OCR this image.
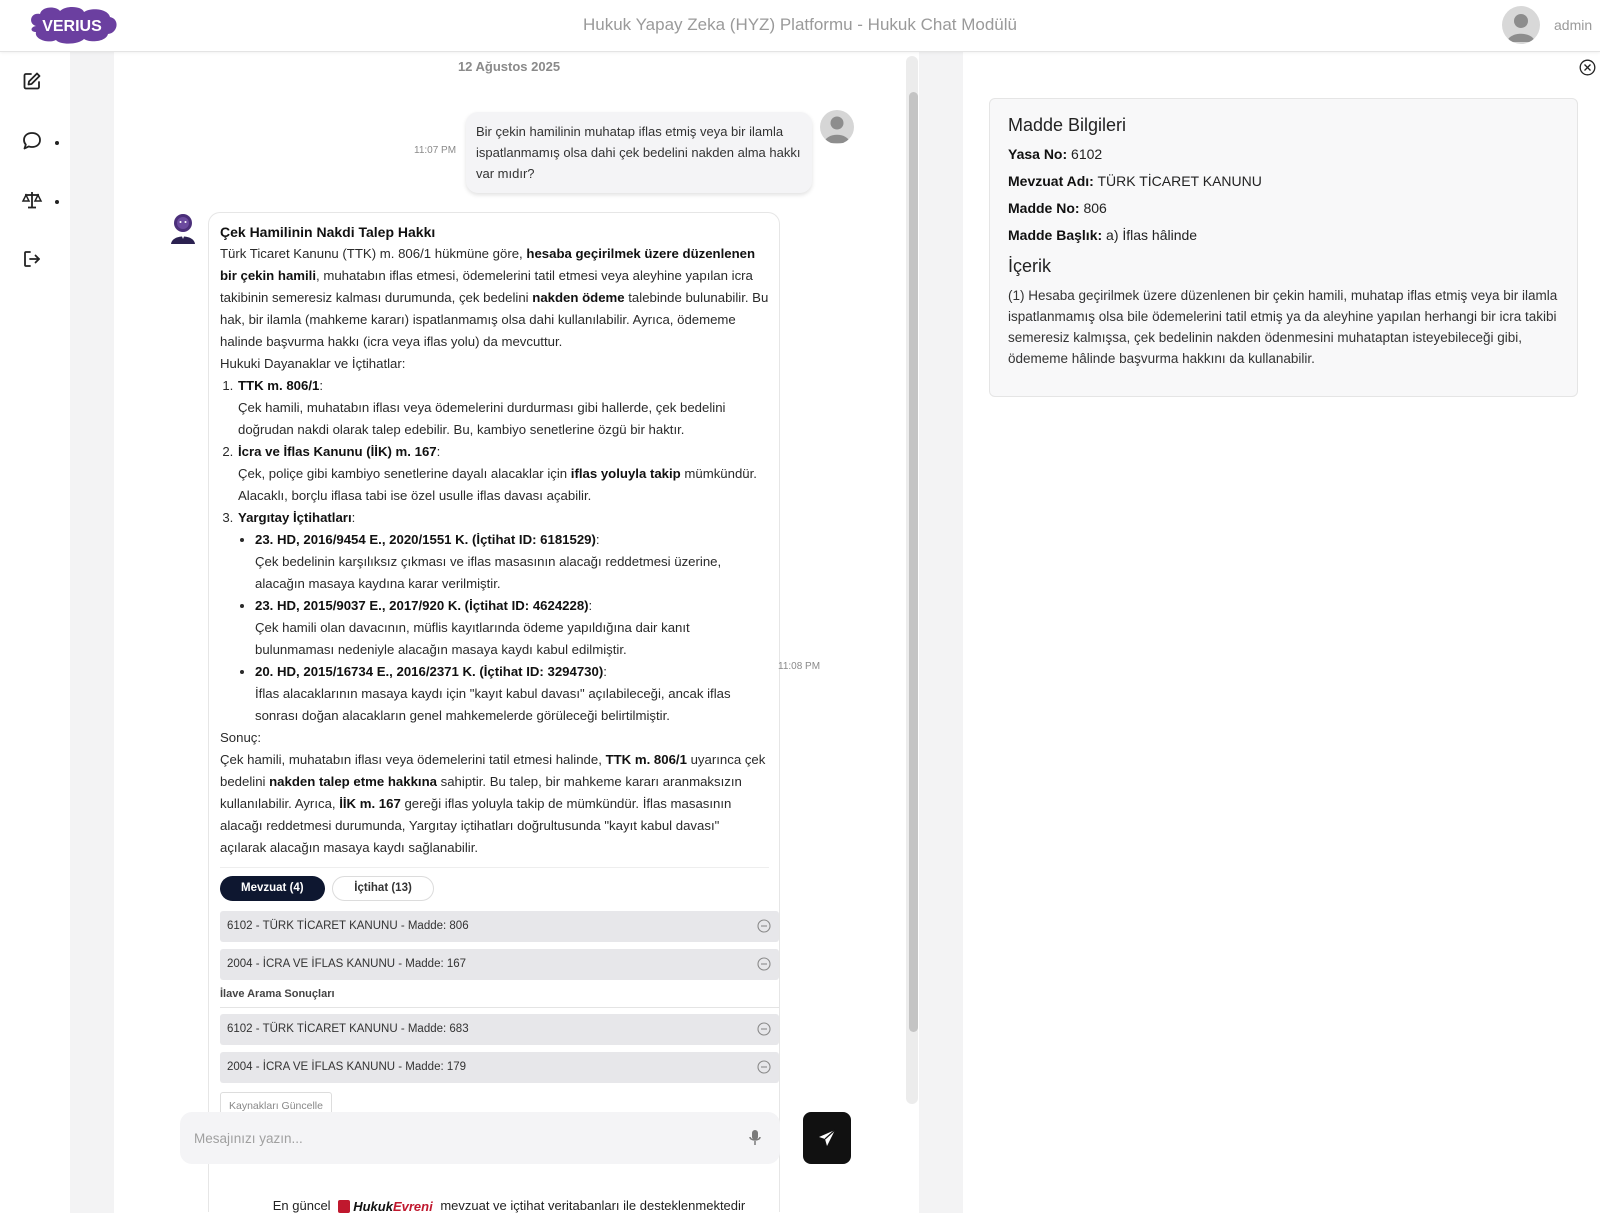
VERIUS	Hukuk Yapay Zeka (HYZ) Platformu - Hukuk Chat Modülü	admin
12 Ağustos 2025
11:07 PM
Bir çekin hamilinin muhatap iflas etmiş veya bir ilamla ispatlanmamış olsa dahi çek bedelini nakden alma hakkı var mıdır?
Çek Hamilinin Nakdi Talep Hakkı
Türk Ticaret Kanunu (TTK) m. 806/1 hükmüne göre, hesaba geçirilmek üzere düzenlenen bir çekin hamili, muhatabın iflas etmesi, ödemelerini tatil etmesi veya aleyhine yapılan icra takibinin semeresiz kalması durumunda, çek bedelini nakden ödeme talebinde bulunabilir. Bu hak, bir ilamla (mahkeme kararı) ispatlanmamış olsa dahi kullanılabilir. Ayrıca, ödememe halinde başvurma hakkı (icra veya iflas yolu) da mevcuttur.
Hukuki Dayanaklar ve İçtihatlar:
1. TTK m. 806/1:
Çek hamili, muhatabın iflası veya ödemelerini durdurması gibi hallerde, çek bedelini doğrudan nakdi olarak talep edebilir. Bu, kambiyo senetlerine özgü bir haktır.
2. İcra ve İflas Kanunu (İİK) m. 167:
Çek, poliçe gibi kambiyo senetlerine dayalı alacaklar için iflas yoluyla takip mümkündür. Alacaklı, borçlu iflasa tabi ise özel usulle iflas davası açabilir.
3. Yargıtay İçtihatları:
• 23. HD, 2016/9454 E., 2020/1551 K. (İçtihat ID: 6181529):
Çek bedelinin karşılıksız çıkması ve iflas masasının alacağı reddetmesi üzerine, alacağın masaya kaydına karar verilmiştir.
• 23. HD, 2015/9037 E., 2017/920 K. (İçtihat ID: 4624228):
Çek hamili olan davacının, müflis kayıtlarında ödeme yapıldığına dair kanıt bulunmaması nedeniyle alacağın masaya kaydı kabul edilmiştir.
• 20. HD, 2015/16734 E., 2016/2371 K. (İçtihat ID: 3294730):
İflas alacaklarının masaya kaydı için "kayıt kabul davası" açılabileceği, ancak iflas sonrası doğan alacakların genel mahkemelerde görüleceği belirtilmiştir.
Sonuç:
Çek hamili, muhatabın iflası veya ödemelerini tatil etmesi halinde, TTK m. 806/1 uyarınca çek bedelini nakden talep etme hakkına sahiptir. Bu talep, bir mahkeme kararı aranmaksızın kullanılabilir. Ayrıca, İİK m. 167 gereği iflas yoluyla takip de mümkündür. İflas masasının alacağı reddetmesi durumunda, Yargıtay içtihatları doğrultusunda "kayıt kabul davası" açılarak alacağın masaya kaydı sağlanabilir.
Mevzuat (4)	İçtihat (13)
6102 - TÜRK TİCARET KANUNU - Madde: 806
2004 - İCRA VE İFLAS KANUNU - Madde: 167
İlave Arama Sonuçları
6102 - TÜRK TİCARET KANUNU - Madde: 683
2004 - İCRA VE İFLAS KANUNU - Madde: 179
Kaynakları Güncelle
11:08 PM
Mesajınızı yazın...
En güncel HukukEvreni mevzuat ve içtihat veritabanları ile desteklenmektedir
Madde Bilgileri
Yasa No: 6102
Mevzuat Adı: TÜRK TİCARET KANUNU
Madde No: 806
Madde Başlık: a) İflas hâlinde
İçerik
(1) Hesaba geçirilmek üzere düzenlenen bir çekin hamili, muhatap iflas etmiş veya bir ilamla ispatlanmamış olsa bile ödemelerini tatil etmiş ya da aleyhine yapılan herhangi bir icra takibi semeresiz kalmışsa, çek bedelinin nakden ödenmesini muhataptan isteyebileceği gibi, ödememe hâlinde başvurma hakkını da kullanabilir.
